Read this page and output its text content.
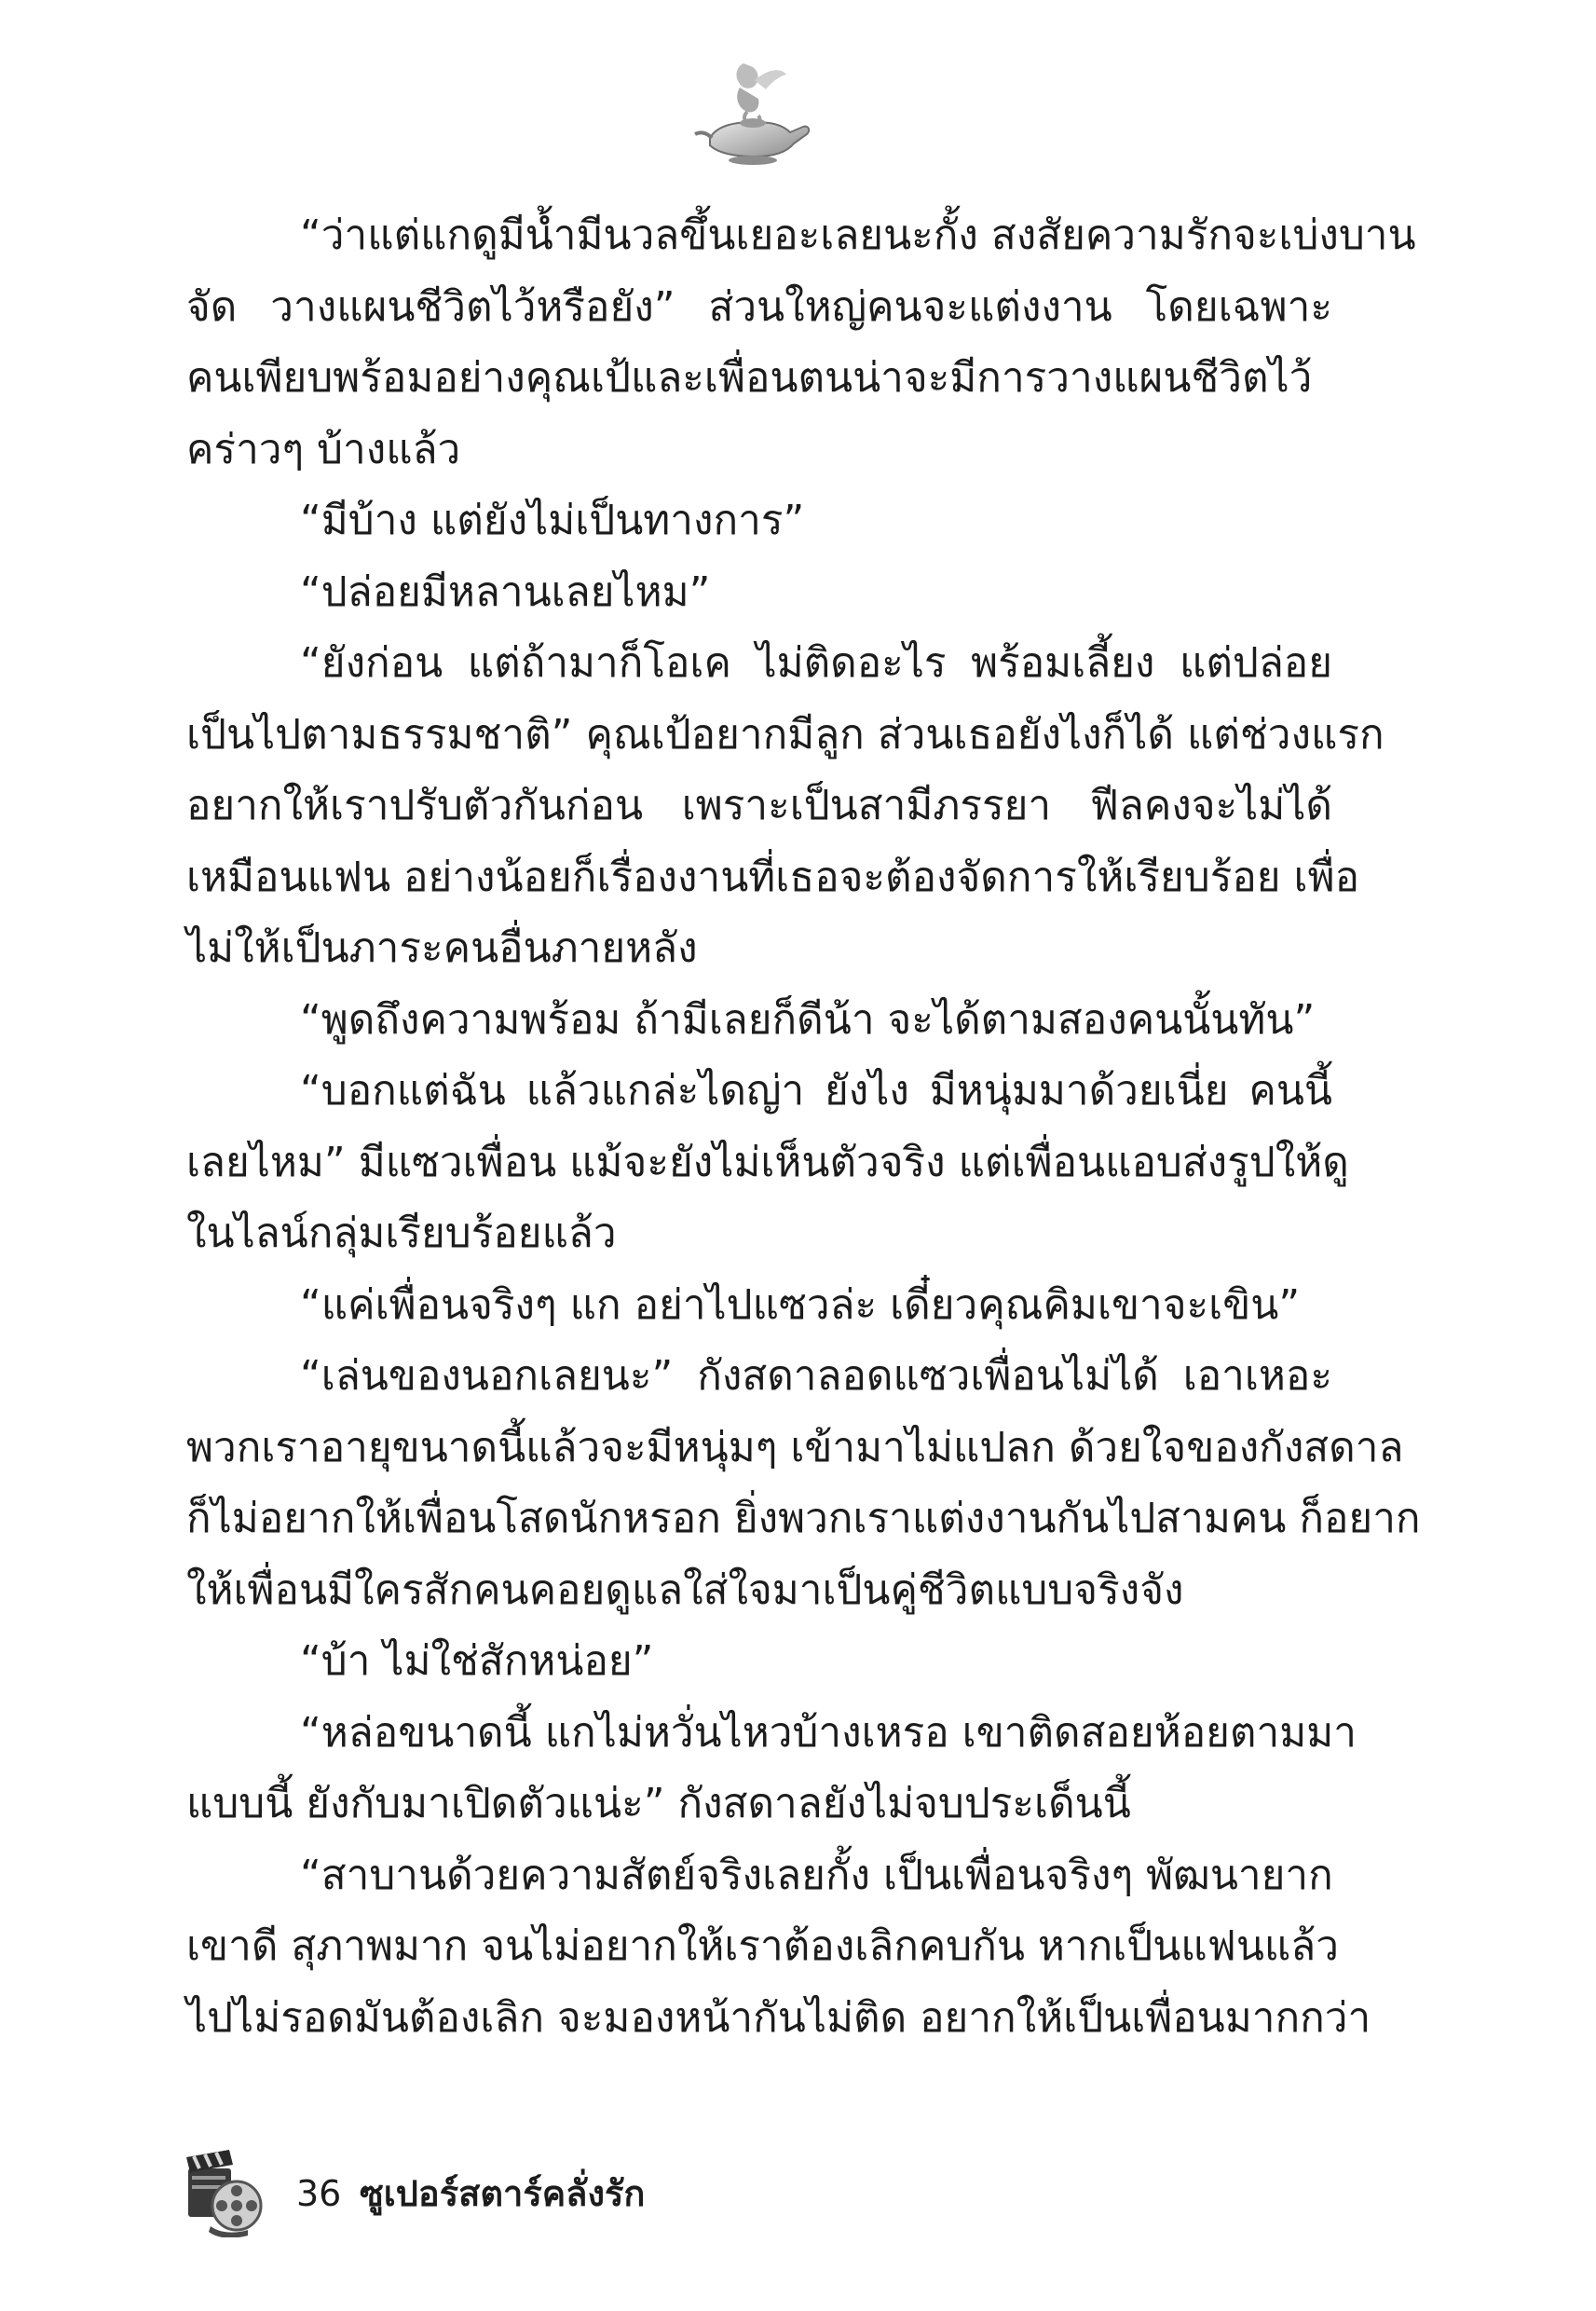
“ว่าแต่แกดูมีน้ำมีนวลขึ้นเยอะเลยนะกั้ง สงสัยความรักจะเบ่งบาน
จัด วางแผนชีวิตไว้หรือยัง” ส่วนใหญ่คนจะแต่งงาน โดยเฉพาะ
คนเพียบพร้อมอย่างคุณเป้และเพื่อนตนน่าจะมีการวางแผนชีวิตไว้
คร่าวๆ บ้างแล้ว
“มีบ้าง แต่ยังไม่เป็นทางการ”
“ปล่อยมีหลานเลยไหม”
“ยังก่อน แต่ถ้ามาก็โอเค ไม่ติดอะไร พร้อมเลี้ยง แต่ปล่อย
เป็นไปตามธรรมชาติ” คุณเป้อยากมีลูก ส่วนเธอยังไงก็ได้ แต่ช่วงแรก
อยากให้เราปรับตัวกันก่อน เพราะเป็นสามีภรรยา ฟีลคงจะไม่ได้
เหมือนแฟน อย่างน้อยก็เรื่องงานที่เธอจะต้องจัดการให้เรียบร้อย เพื่อ
ไม่ให้เป็นภาระคนอื่นภายหลัง
“พูดถึงความพร้อม ถ้ามีเลยก็ดีน้า จะได้ตามสองคนนั้นทัน”
“บอกแต่ฉัน แล้วแกล่ะไดญ่า ยังไง มีหนุ่มมาด้วยเนี่ย คนนี้
เลยไหม” มีแซวเพื่อน แม้จะยังไม่เห็นตัวจริง แต่เพื่อนแอบส่งรูปให้ดู
ในไลน์กลุ่มเรียบร้อยแล้ว
“แค่เพื่อนจริงๆ แก อย่าไปแซวล่ะ เดี๋ยวคุณคิมเขาจะเขิน”
“เล่นของนอกเลยนะ” กังสดาลอดแซวเพื่อนไม่ได้ เอาเหอะ
พวกเราอายุขนาดนี้แล้วจะมีหนุ่มๆ เข้ามาไม่แปลก ด้วยใจของกังสดาล
ก็ไม่อยากให้เพื่อนโสดนักหรอก ยิ่งพวกเราแต่งงานกันไปสามคน ก็อยาก
ให้เพื่อนมีใครสักคนคอยดูแลใส่ใจมาเป็นคู่ชีวิตแบบจริงจัง
“บ้า ไม่ใช่สักหน่อย”
“หล่อขนาดนี้ แกไม่หวั่นไหวบ้างเหรอ เขาติดสอยห้อยตามมา
แบบนี้ ยังกับมาเปิดตัวแน่ะ” กังสดาลยังไม่จบประเด็นนี้
“สาบานด้วยความสัตย์จริงเลยกั้ง เป็นเพื่อนจริงๆ พัฒนายาก
เขาดี สุภาพมาก จนไม่อยากให้เราต้องเลิกคบกัน หากเป็นแฟนแล้ว
ไปไม่รอดมันต้องเลิก จะมองหน้ากันไม่ติด อยากให้เป็นเพื่อนมากกว่า
36 ซูเปอร์สตาร์คลั่งรัก
